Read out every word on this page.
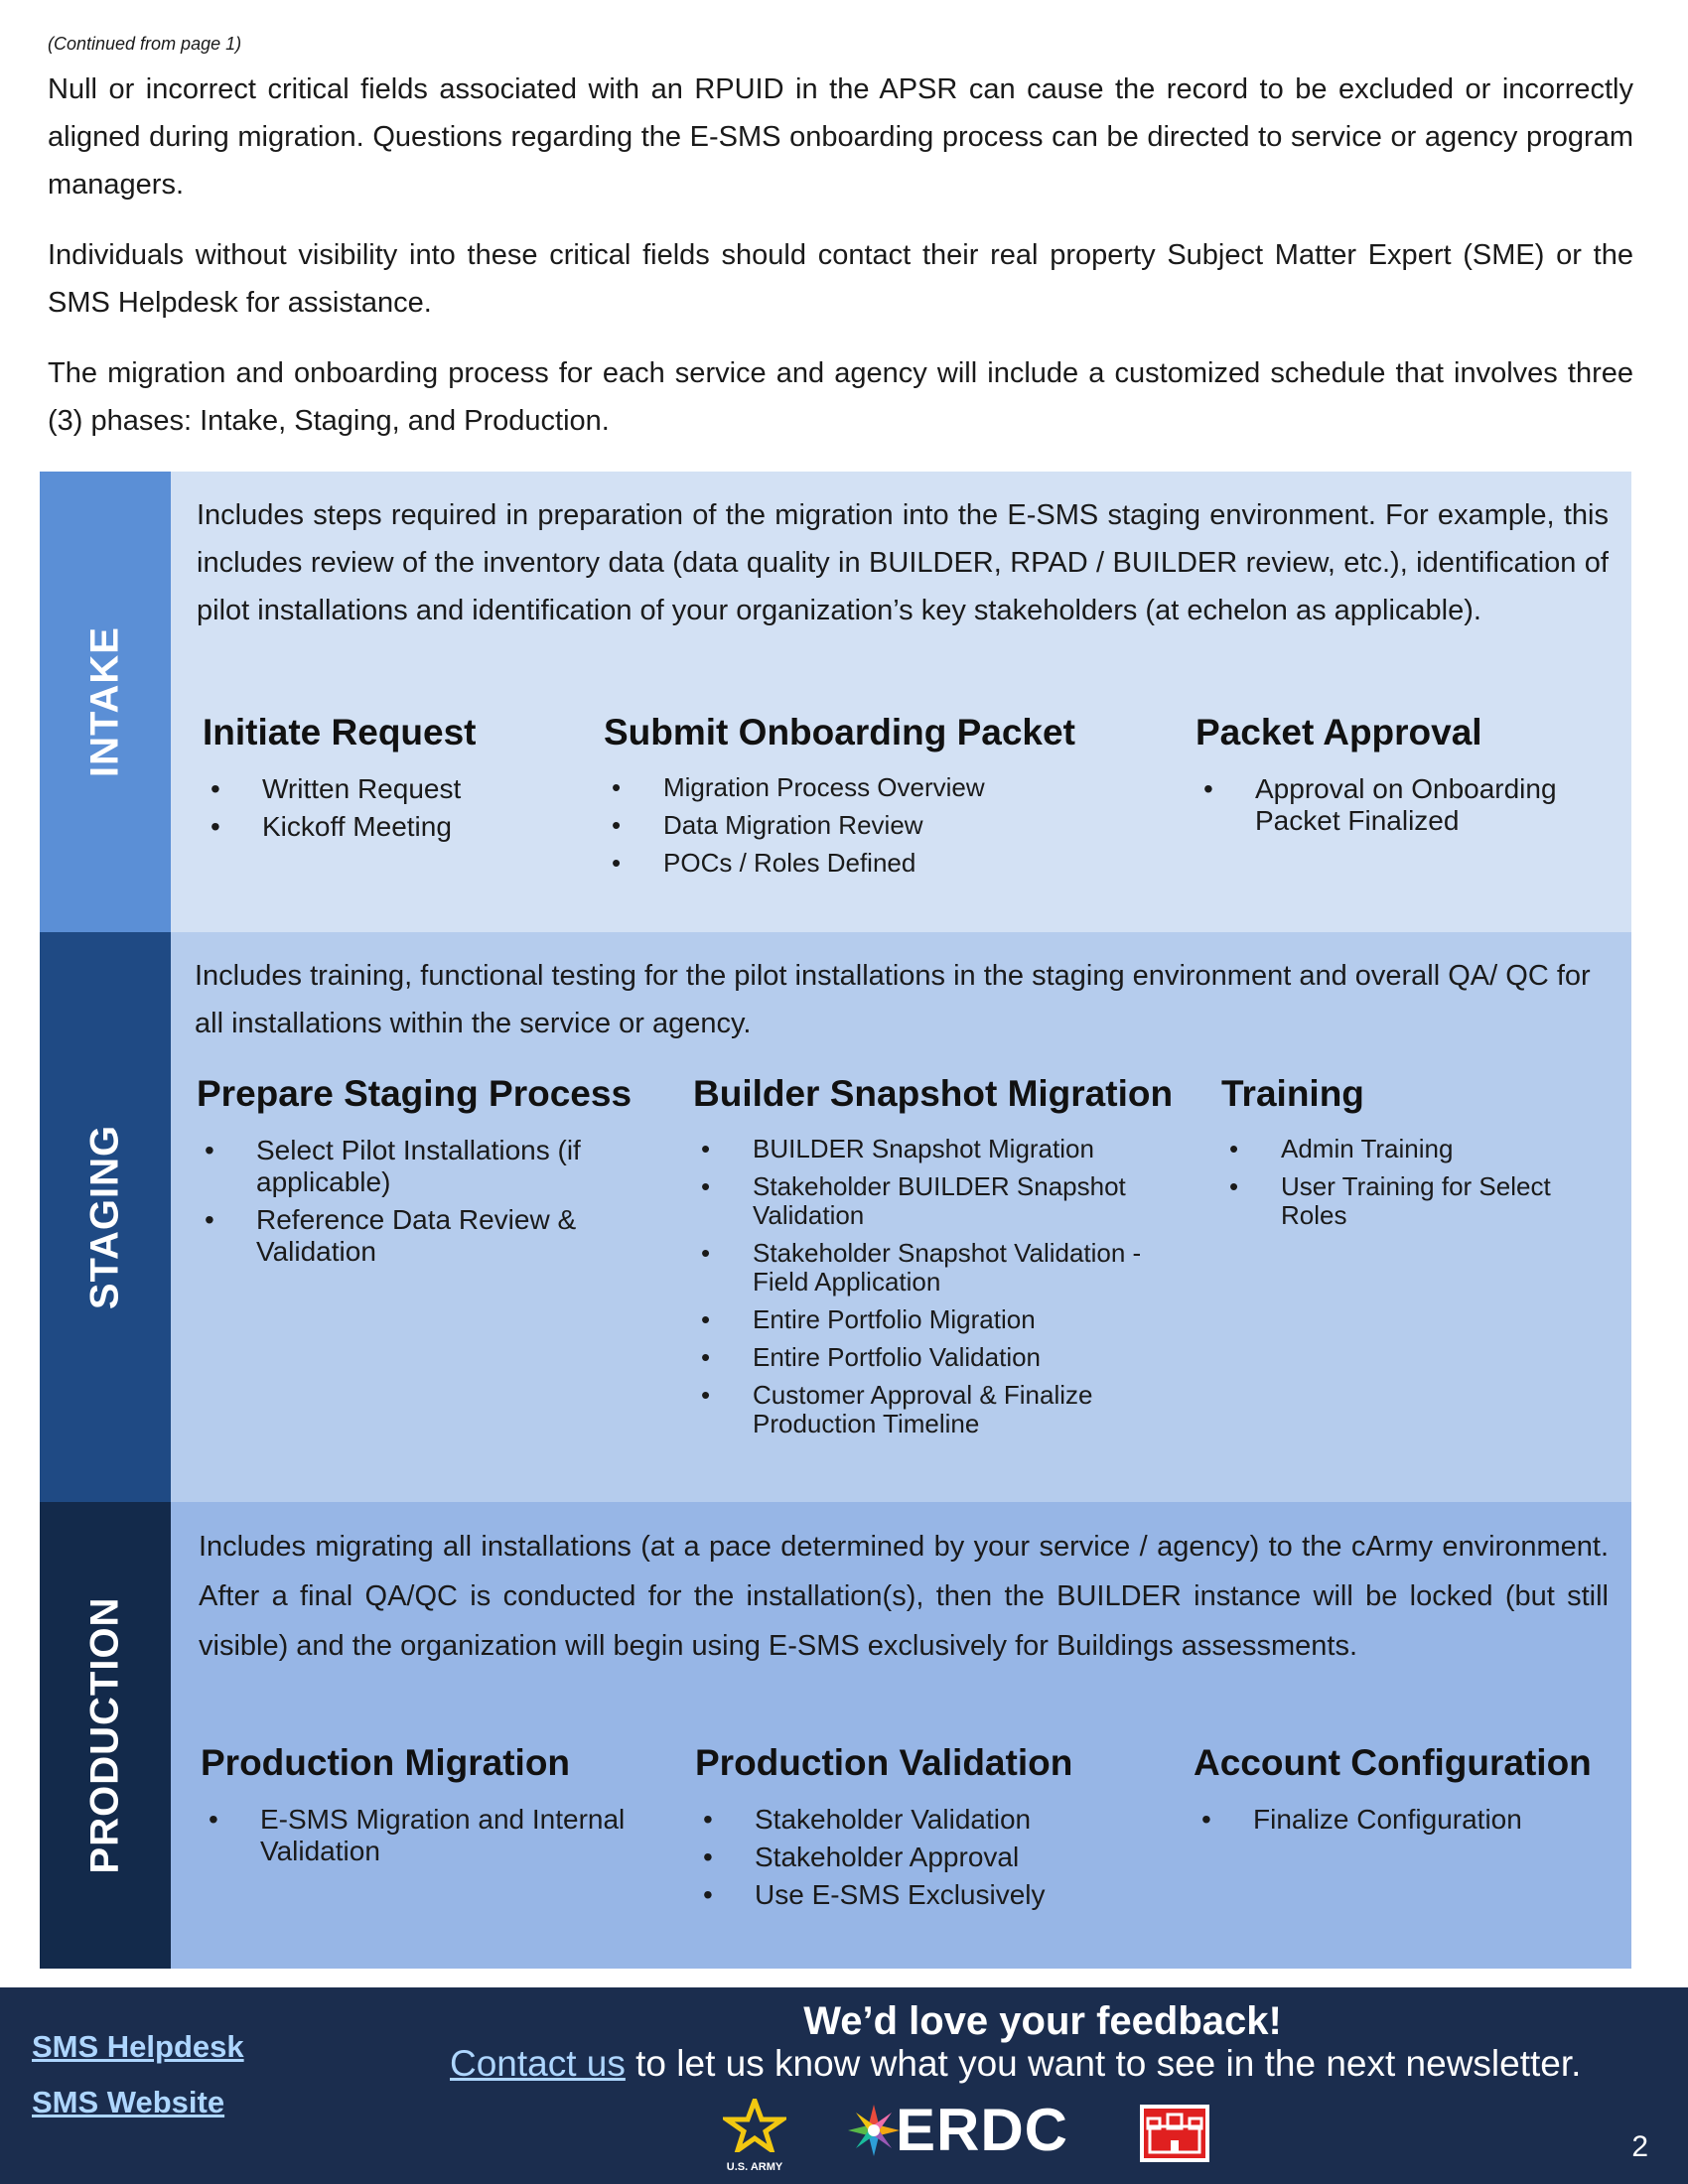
(Continued from page 1)

Null or incorrect critical fields associated with an RPUID in the APSR can cause the record to be excluded or incorrectly aligned during migration. Questions regarding the E-SMS onboarding process can be directed to service or agency program managers.

Individuals without visibility into these critical fields should contact their real property Subject Matter Expert (SME) or the SMS Helpdesk for assistance.

The migration and onboarding process for each service and agency will include a customized schedule that involves three (3) phases: Intake, Staging, and Production.

INTAKE

Includes steps required in preparation of the migration into the E-SMS staging environment. For example, this includes review of the inventory data (data quality in BUILDER, RPAD / BUILDER review, etc.), identification of pilot installations and identification of your organization’s key stakeholders (at echelon as applicable).

Initiate Request
• Written Request
• Kickoff Meeting
Submit Onboarding Packet
• Migration Process Overview
• Data Migration Review
• POCs / Roles Defined
Packet Approval
• Approval on Onboarding Packet Finalized
STAGING

Includes training, functional testing for the pilot installations in the staging environment and overall QA/ QC for all installations within the service or agency.

Prepare Staging Process
• Select Pilot Installations (if applicable)
• Reference Data Review & Validation
Builder Snapshot Migration
• BUILDER Snapshot Migration
• Stakeholder BUILDER Snapshot Validation
• Stakeholder Snapshot Validation - Field Application
• Entire Portfolio Migration
• Entire Portfolio Validation
• Customer Approval & Finalize Production Timeline
Training
• Admin Training
• User Training for Select Roles
PRODUCTION

Includes migrating all installations (at a pace determined by your service / agency) to the cArmy environment. After a final QA/QC is conducted for the installation(s), then the BUILDER instance will be locked (but still visible) and the organization will begin using E-SMS exclusively for Buildings assessments.

Production Migration
• E-SMS Migration and Internal Validation
Production Validation
• Stakeholder Validation
• Stakeholder Approval
• Use E-SMS Exclusively
Account Configuration
• Finalize Configuration
SMS Helpdesk
SMS Website
We’d love your feedback!
Contact us to let us know what you want to see in the next newsletter.
U.S. ARMY
ERDC	2
